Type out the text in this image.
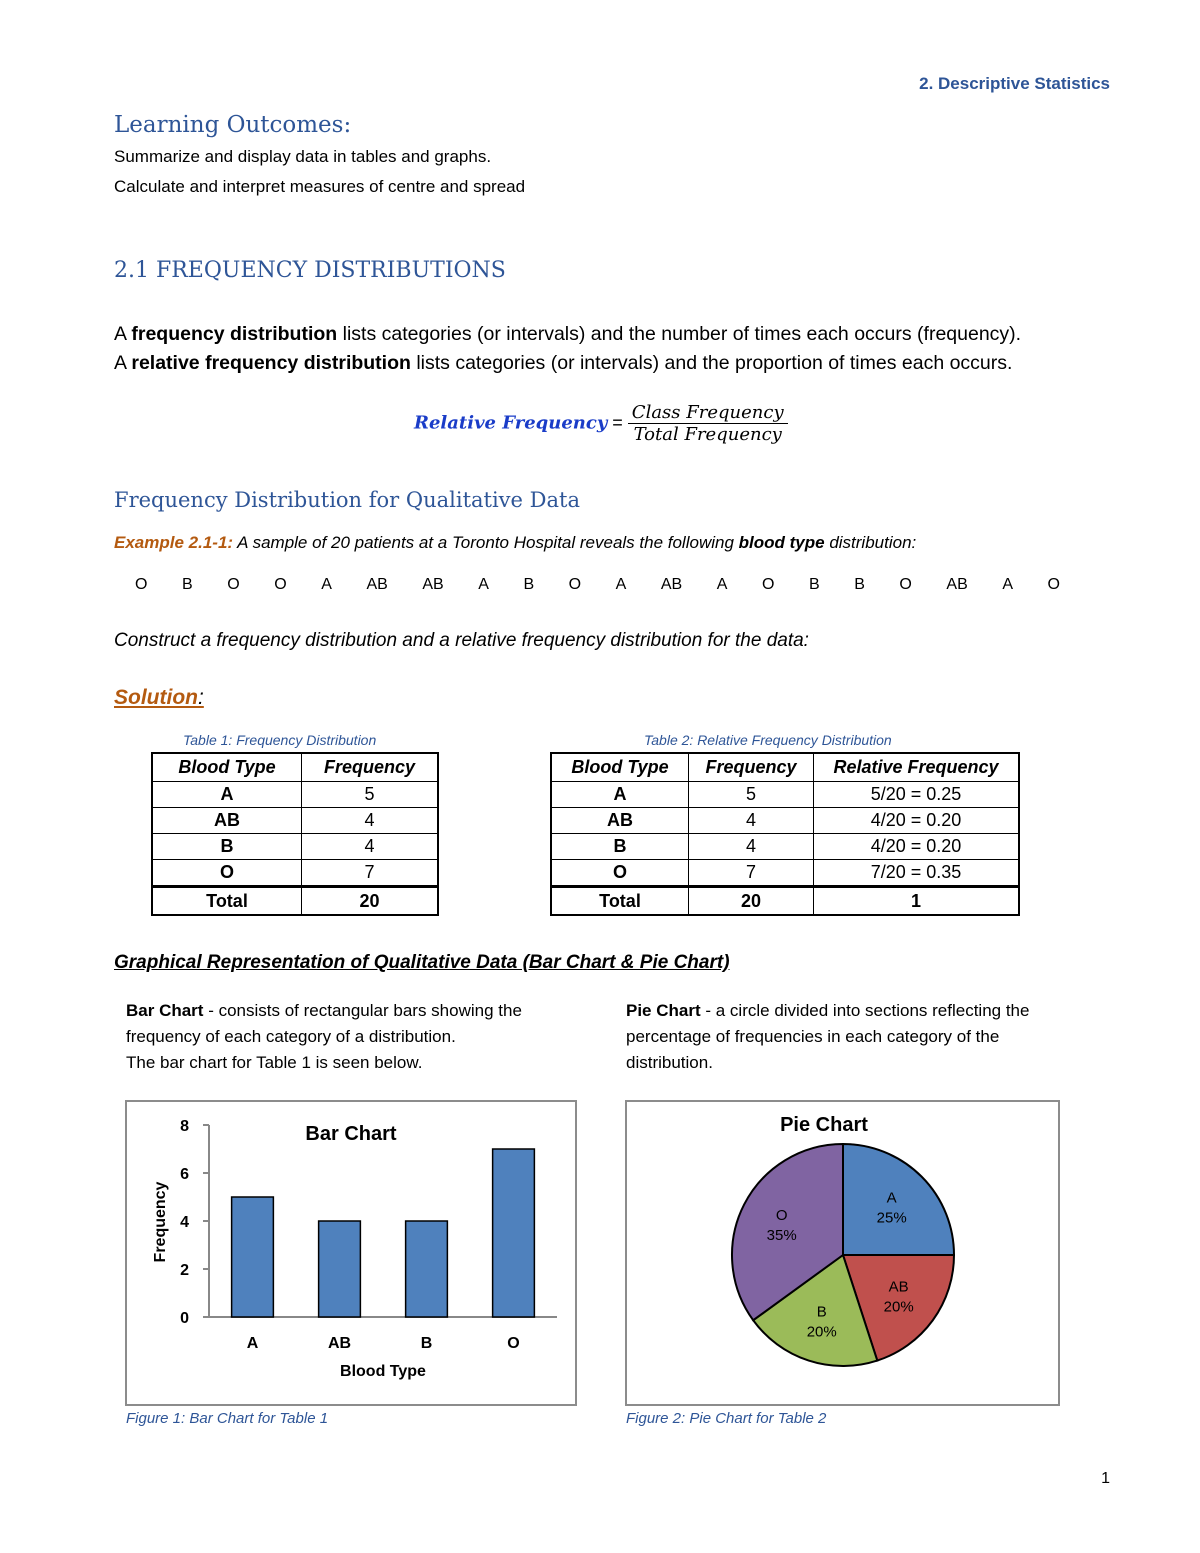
2. Descriptive Statistics
Learning Outcomes:
Summarize and display data in tables and graphs.
Calculate and interpret measures of centre and spread
2.1 FREQUENCY DISTRIBUTIONS
A frequency distribution lists categories (or intervals) and the number of times each occurs (frequency).
A relative frequency distribution lists categories (or intervals) and the proportion of times each occurs.
Relative Frequency = $\frac{\text{Class Frequency}}{\text{Total Frequency}}$
Frequency Distribution for Qualitative Data
Example 2.1-1: A sample of 20 patients at a Toronto Hospital reveals the following blood type distribution:
O B O O A AB AB A B O A AB A O B B O AB A O
Construct a frequency distribution and a relative frequency distribution for the data:
Solution:
Table 1: Frequency Distribution
Blood Type	Frequency
A	5
AB	4
B	4
O	7
Total	20
Table 2: Relative Frequency Distribution
Blood Type	Frequency	Relative Frequency
A	5	5/20 = 0.25
AB	4	4/20 = 0.20
B	4	4/20 = 0.20
O	7	7/20 = 0.35
Total	20	1
Graphical Representation of Qualitative Data (Bar Chart & Pie Chart)
Bar Chart - consists of rectangular bars showing the
frequency of each category of a distribution.
The bar chart for Table 1 is seen below.
Pie Chart - a circle divided into sections reflecting the
percentage of frequencies in each category of the
distribution.
Bar Chart
0
2
4
6
8
A	AB	B	O
Blood Type
Frequency
Figure 1: Bar Chart for Table 1
Pie Chart
A
25%
AB
20%
B
20%
O
35%
Figure 2: Pie Chart for Table 2
1
